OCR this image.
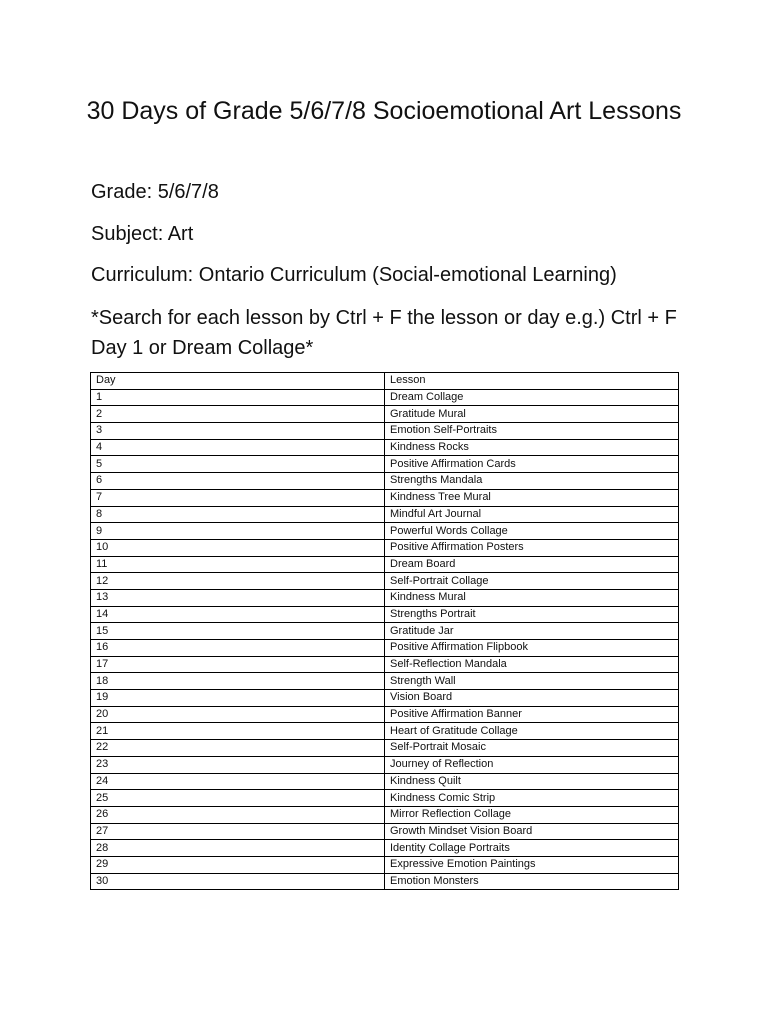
30 Days of Grade 5/6/7/8 Socioemotional Art Lessons

Grade: 5/6/7/8

Subject: Art

Curriculum: Ontario Curriculum (Social-emotional Learning)

*Search for each lesson by Ctrl + F the lesson or day e.g.) Ctrl + F Day 1 or Dream Collage*

Day	Lesson
1	Dream Collage
2	Gratitude Mural
3	Emotion Self-Portraits
4	Kindness Rocks
5	Positive Affirmation Cards
6	Strengths Mandala
7	Kindness Tree Mural
8	Mindful Art Journal
9	Powerful Words Collage
10	Positive Affirmation Posters
11	Dream Board
12	Self-Portrait Collage
13	Kindness Mural
14	Strengths Portrait
15	Gratitude Jar
16	Positive Affirmation Flipbook
17	Self-Reflection Mandala
18	Strength Wall
19	Vision Board
20	Positive Affirmation Banner
21	Heart of Gratitude Collage
22	Self-Portrait Mosaic
23	Journey of Reflection
24	Kindness Quilt
25	Kindness Comic Strip
26	Mirror Reflection Collage
27	Growth Mindset Vision Board
28	Identity Collage Portraits
29	Expressive Emotion Paintings
30	Emotion Monsters
